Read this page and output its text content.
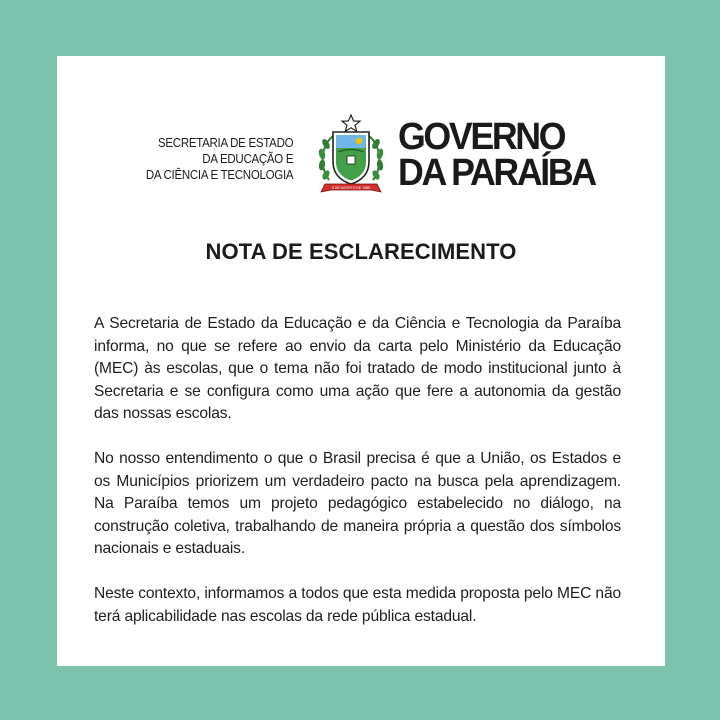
SECRETARIA DE ESTADO
DA EDUCAÇÃO E
DA CIÊNCIA E TECNOLOGIA
5 DE AGOSTO DE 1585
GOVERNO
DA PARAÍBA
NOTA DE ESCLARECIMENTO

A Secretaria de Estado da Educação e da Ciência e Tecnologia da Paraíba informa, no que se refere ao envio da carta pelo Ministério da Educação (MEC) às escolas, que o tema não foi tratado de modo institucional junto à Secretaria e se configura como uma ação que fere a autonomia da gestão das nossas escolas.

No nosso entendimento o que o Brasil precisa é que a União, os Estados e os Municípios priorizem um verdadeiro pacto na busca pela aprendizagem. Na Paraíba temos um projeto pedagógico estabelecido no diálogo, na construção coletiva, trabalhando de maneira própria a questão dos símbolos nacionais e estaduais.

Neste contexto, informamos a todos que esta medida proposta pelo MEC não terá aplicabilidade nas escolas da rede pública estadual.
